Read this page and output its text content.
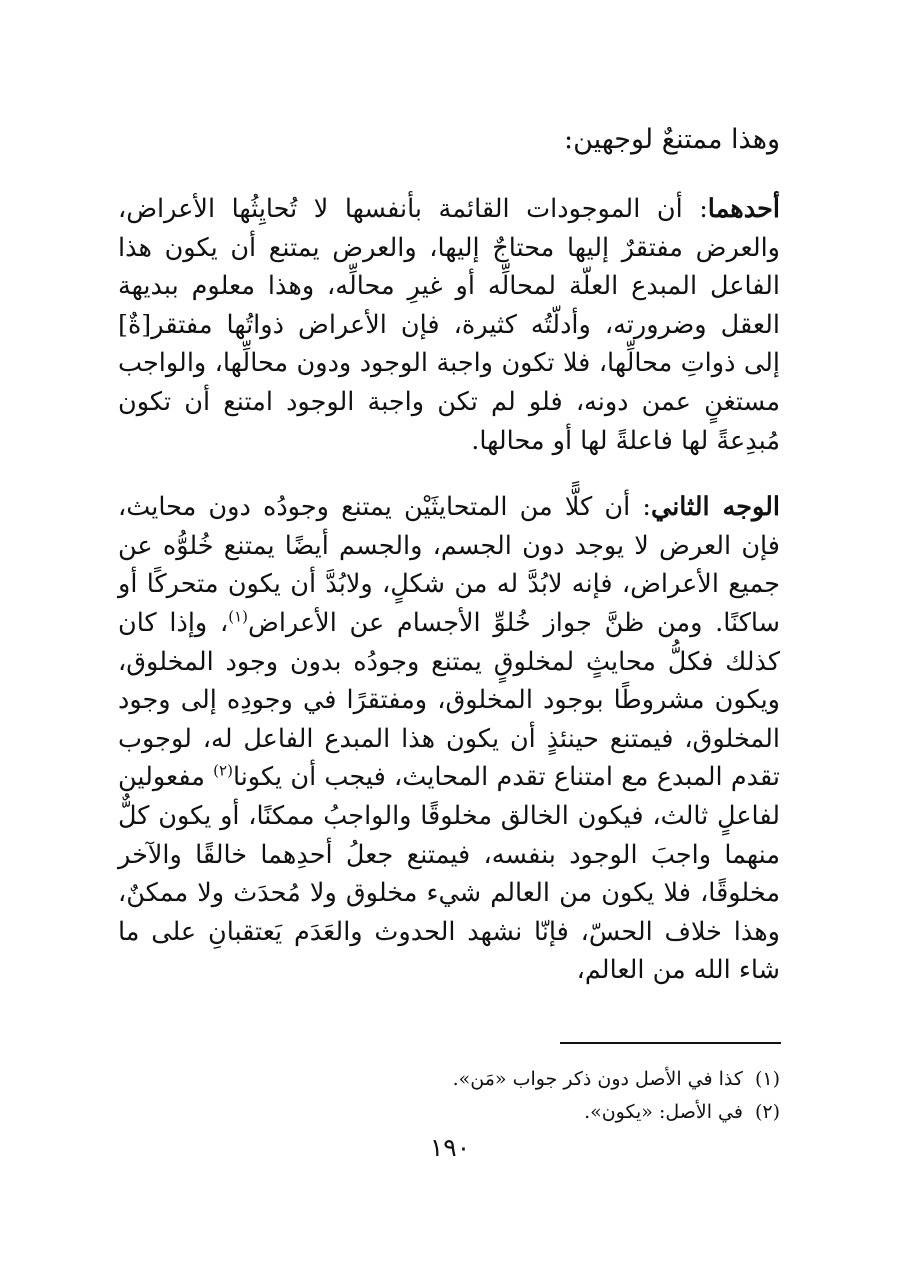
وهذا ممتنعٌ لوجهين:

أحدهما: أن الموجودات القائمة بأنفسها لا تُحايِثُها الأعراض، والعرض مفتقرٌ إليها محتاجٌ إليها، والعرض يمتنع أن يكون هذا الفاعل المبدع العلّة لمحالِّه أو غيرِ محالِّه، وهذا معلوم ببديهة العقل وضرورته، وأدلّتُه كثيرة، فإن الأعراض ذواتُها مفتقر[ةٌ] إلى ذواتِ محالِّها، فلا تكون واجبة الوجود ودون محالِّها، والواجب مستغنٍ عمن دونه، فلو لم تكن واجبة الوجود امتنع أن تكون مُبدِعةً لها فاعلةً لها أو محالها.

الوجه الثاني: أن كلًّا من المتحايثَيْن يمتنع وجودُه دون محايث، فإن العرض لا يوجد دون الجسم، والجسم أيضًا يمتنع خُلوُّه عن جميع الأعراض، فإنه لابُدَّ له من شكلٍ، ولابُدَّ أن يكون متحركًا أو ساكنًا. ومن ظنَّ جواز خُلوِّ الأجسام عن الأعراض$^{(١)}$، وإذا كان كذلك فكلُّ محايثٍ لمخلوقٍ يمتنع وجودُه بدون وجود المخلوق، ويكون مشروطًا بوجود المخلوق، ومفتقرًا في وجودِه إلى وجود المخلوق، فيمتنع حينئذٍ أن يكون هذا المبدع الفاعل له، لوجوب تقدم المبدع مع امتناع تقدم المحايث، فيجب أن يكونا$^{(٢)}$ مفعولين لفاعلٍ ثالث، فيكون الخالق مخلوقًا والواجبُ ممكنًا، أو يكون كلٌّ منهما واجبَ الوجود بنفسه، فيمتنع جعلُ أحدِهما خالقًا والآخر مخلوقًا، فلا يكون من العالم شيء مخلوق ولا مُحدَث ولا ممكنٌ، وهذا خلاف الحسّ، فإنّا نشهد الحدوث والعَدَم يَعتقبانِ على ما شاء الله من العالم،

(١)كذا في الأصل دون ذكر جواب «مَن».
(٢)في الأصل: «يكون».
١٩٠
